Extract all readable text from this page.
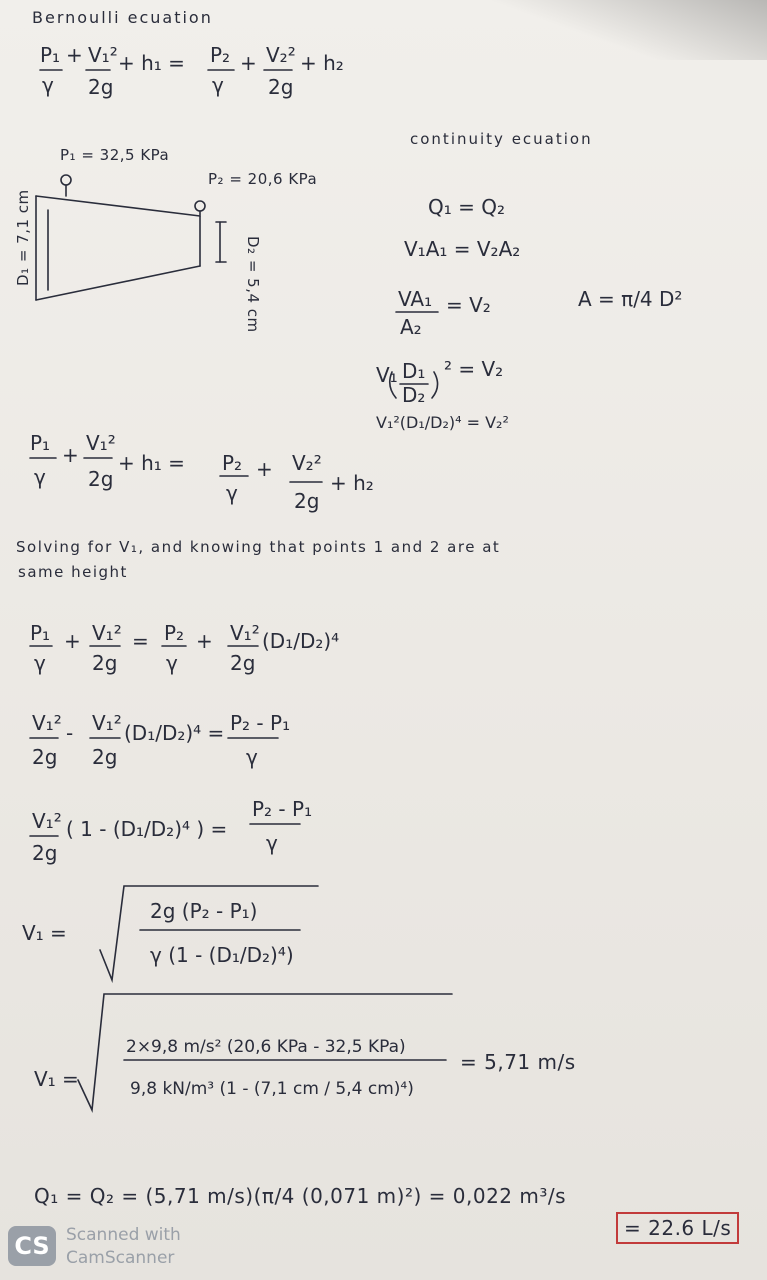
Bernoulli ecuation
P₁ = 32,5 KPa
P₂ = 20,6 KPa
D₁ = 7,1 cm	D₂ = 5,4 cm
continuity ecuation
Solving for V₁, and knowing that points 1 and 2 are at
same height
= 5,71 m/s
Q₁ = Q₂ = (5,71 m/s)(π/4 (0,071 m)²) = 0,022 m³/s
= 22.6 L/s
P₁ + V₁² + h₁ = P₂ + V₂² + h₂
γ 2g	γ 2g
Q₁ = Q₂
V₁A₁ = V₂A₂
VA₁ = V₂
A₂
A = π/4 D²
V₁ D₁
D₂
² = V₂
V₁²(D₁/D₂)⁴ = V₂²
P₁ + V₁²
+ h₁ = P₂ + V₂²
+ h₂
γ 2g
γ	2g
P₁ + V₁² = P₂ + V₁² (D₁/D₂)⁴
γ 2g γ	2g
V₁² - V₁² (D₁/D₂)⁴ = P₂ - P₁
2g 2g	γ
V₁² ( 1 - (D₁/D₂)⁴ ) =
P₂ - P₁
2g	γ
V₁ =
2g (P₂ - P₁)
γ (1 - (D₁/D₂)⁴)
V₁ =
2×9,8 m/s² (20,6 KPa - 32,5 KPa)
9,8 kN/m³ (1 - (7,1 cm / 5,4 cm)⁴)
CS Scanned with
CamScanner
